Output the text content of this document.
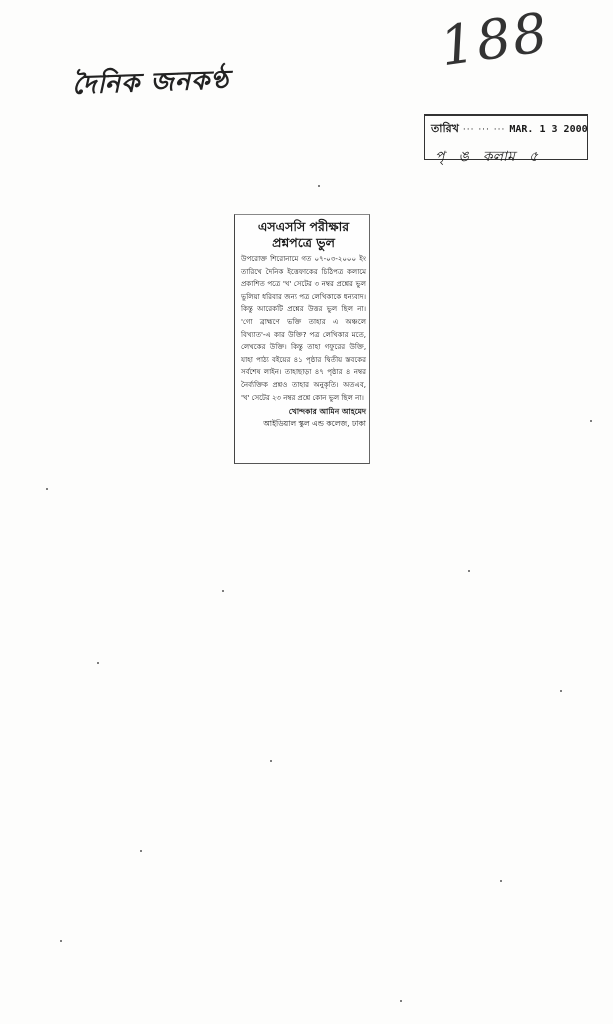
দৈনিক জনকণ্ঠ
188
তারিখ ··· ··· ··· MAR. 1 3 2000
পৃ ঙ কলাম ৫
এসএসসি পরীক্ষার
প্রশ্নপত্রে ভুল

উপরোক্ত শিরোনামে গত ০৭-০৩-২০০০ ইং তারিখে দৈনিক ইত্তেফাকের চিঠিপত্র কলামে প্রকাশিত পত্রে 'খ' সেটের ৩ নম্বর প্রশ্নের ভুল ভুলিয়া ধরিবার জন্য পত্র লেখিকাকে ধন্যবাদ। কিন্তু আরেকটি প্রশ্নের উত্তর ভুল ছিল না। 'গো ব্রাহ্মণে ভক্তি তাহার এ অঞ্চলে বিখ্যাত'-এ কার উক্তি? পত্র লেখিকার মতে, লেখকের উক্তি। কিন্তু তাহা গফুরের উক্তি, যাহা পাঠ্য বইয়ের ৪১ পৃষ্ঠার দ্বিতীয় স্তবকের সর্বশেষ লাইন। তাহাছাড়া ৪৭ পৃষ্ঠার ৪ নম্বর নৈর্ব্যক্তিক প্রশ্নও তাহার অনুকৃতি। অতএব, 'খ' সেটের ২৩ নম্বর প্রশ্নে কোন ভুল ছিল না।

খোন্দকার আমিন আহমেদ
আইডিয়াল স্কুল এন্ড কলেজ, ঢাকা
